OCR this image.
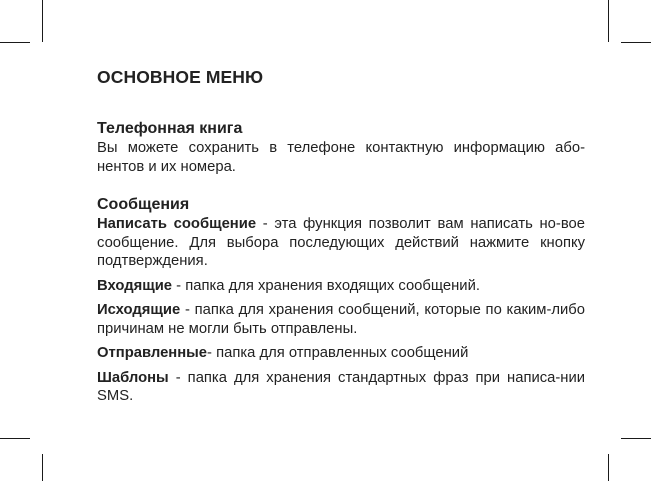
ОСНОВНОЕ МЕНЮ
Телефонная книга

Вы можете сохранить в телефоне контактную информацию або-нентов и их номера.

Сообщения

Написать сообщение - эта функция позволит вам написать но-вое сообщение. Для выбора последующих действий нажмите кнопку подтверждения.

Входящие - папка для хранения входящих сообщений.

Исходящие - папка для хранения сообщений, которые по каким-либо причинам не могли быть отправлены.

Отправленные- папка для отправленных сообщений

Шаблоны - папка для хранения стандартных фраз при написа-нии SMS.
